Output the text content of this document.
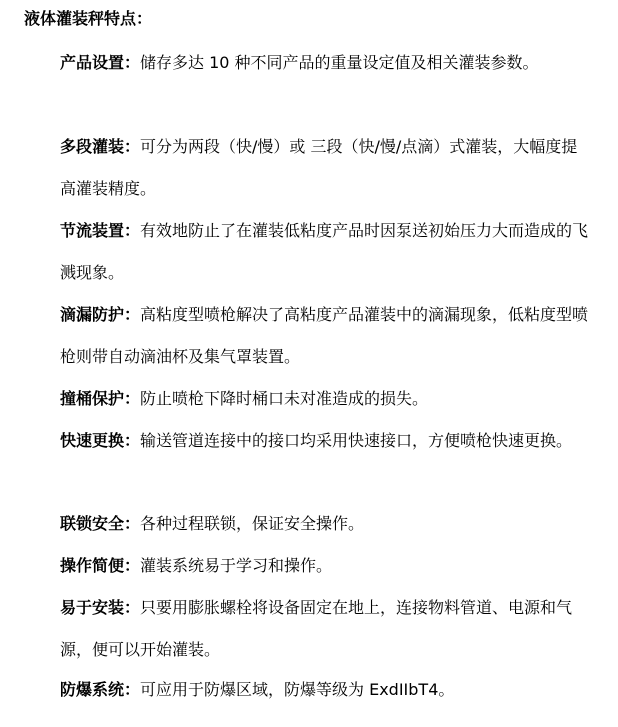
液体灌装秤特点：
产品设置：储存多达 10 种不同产品的重量设定值及相关灌装参数。
多段灌装：可分为两段（快/慢）或 三段（快/慢/点滴）式灌装，大幅度提高灌装精度。
节流装置：有效地防止了在灌装低粘度产品时因泵送初始压力大而造成的飞溅现象。
滴漏防护：高粘度型喷枪解决了高粘度产品灌装中的滴漏现象，低粘度型喷枪则带自动滴油杯及集气罩装置。
撞桶保护：防止喷枪下降时桶口未对准造成的损失。
快速更换：输送管道连接中的接口均采用快速接口，方便喷枪快速更换。
联锁安全：各种过程联锁，保证安全操作。
操作简便：灌装系统易于学习和操作。
易于安装：只要用膨胀螺栓将设备固定在地上，连接物料管道、电源和气源，便可以开始灌装。
防爆系统：可应用于防爆区域，防爆等级为 ExdIIbT4。
